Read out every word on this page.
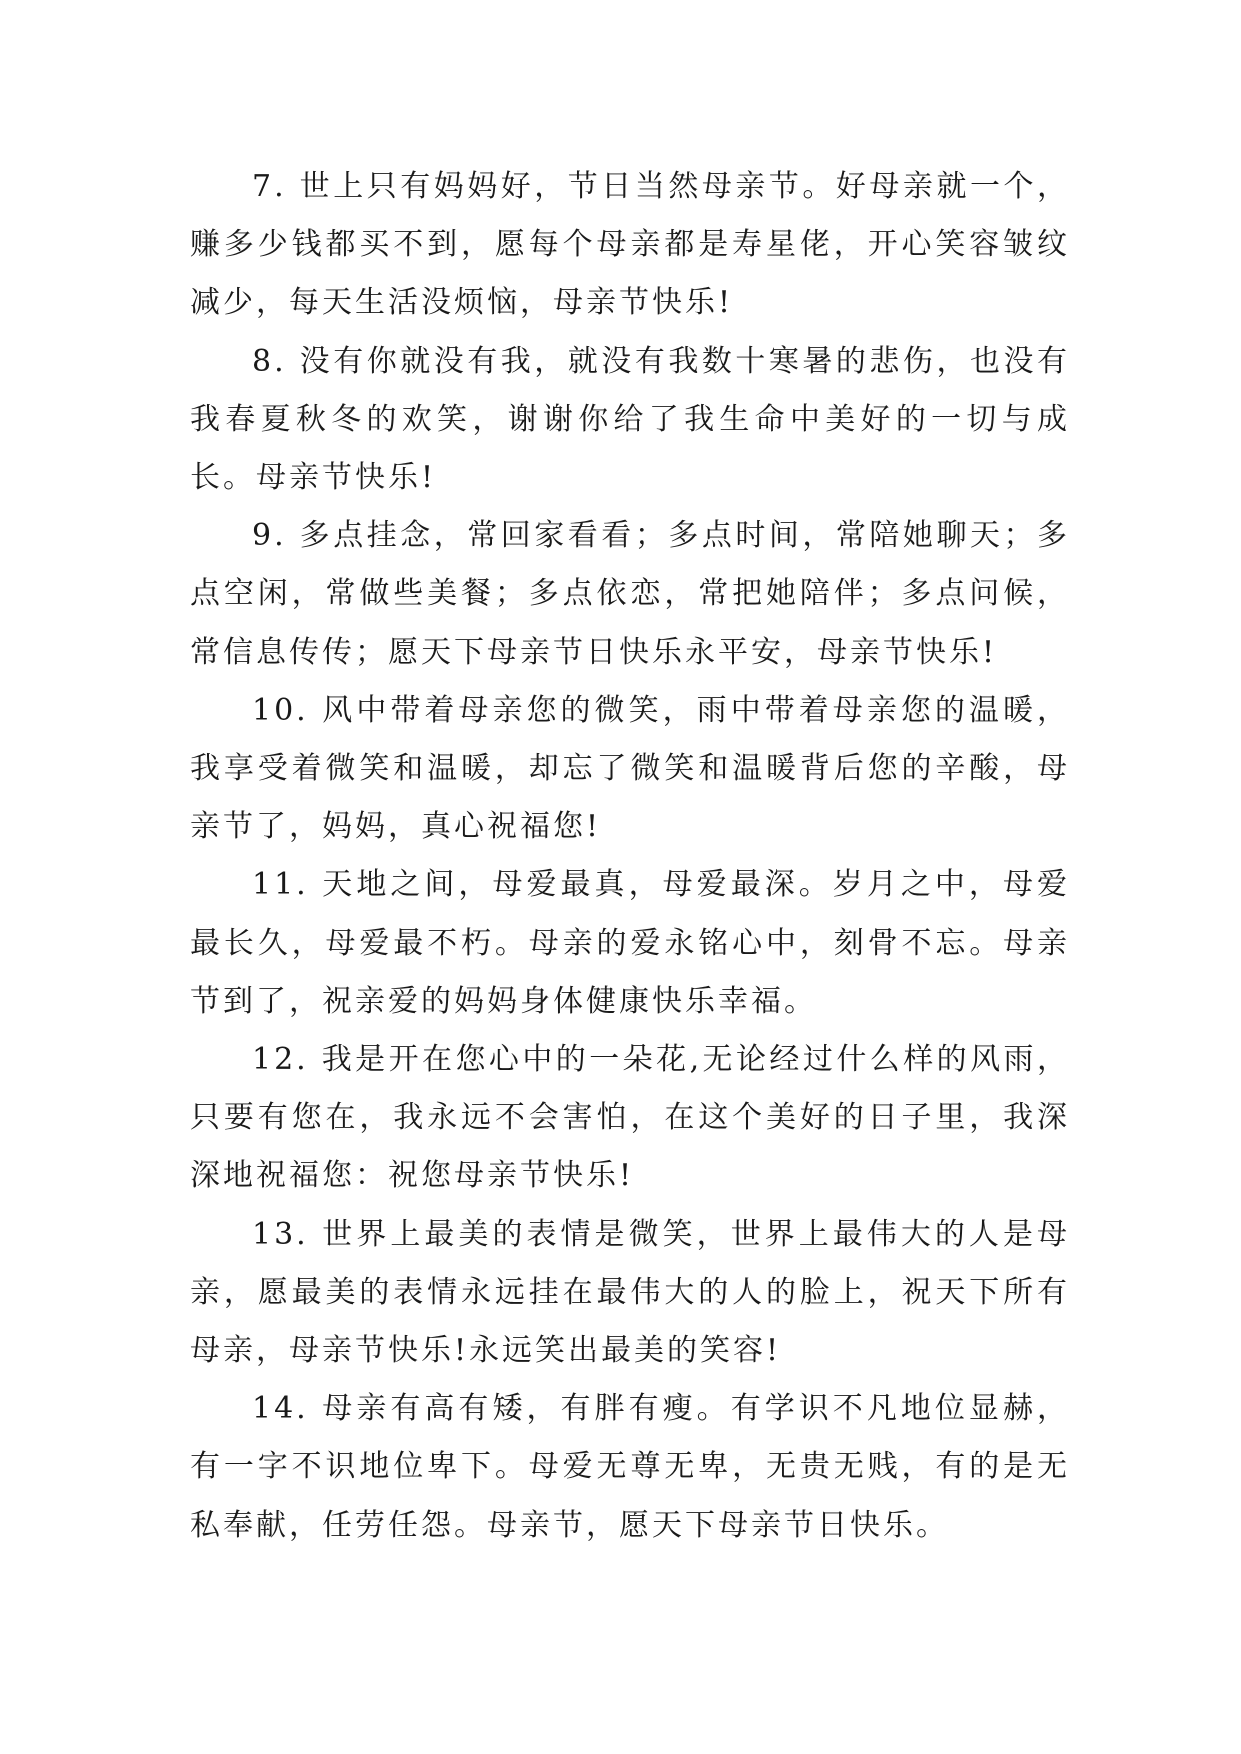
7. 世上只有妈妈好，节日当然母亲节。好母亲就一个，赚多少钱都买不到，愿每个母亲都是寿星佬，开心笑容皱纹减少，每天生活没烦恼，母亲节快乐!

8. 没有你就没有我，就没有我数十寒暑的悲伤，也没有我春夏秋冬的欢笑，谢谢你给了我生命中美好的一切与成长。母亲节快乐!

9. 多点挂念，常回家看看；多点时间，常陪她聊天；多点空闲，常做些美餐；多点依恋，常把她陪伴；多点问候，常信息传传；愿天下母亲节日快乐永平安，母亲节快乐!

10. 风中带着母亲您的微笑，雨中带着母亲您的温暖，我享受着微笑和温暖，却忘了微笑和温暖背后您的辛酸，母亲节了，妈妈，真心祝福您!

11. 天地之间，母爱最真，母爱最深。岁月之中，母爱最长久，母爱最不朽。母亲的爱永铭心中，刻骨不忘。母亲节到了，祝亲爱的妈妈身体健康快乐幸福。

12. 我是开在您心中的一朵花,无论经过什么样的风雨，只要有您在，我永远不会害怕，在这个美好的日子里，我深深地祝福您：祝您母亲节快乐!

13. 世界上最美的表情是微笑，世界上最伟大的人是母亲，愿最美的表情永远挂在最伟大的人的脸上，祝天下所有母亲，母亲节快乐!永远笑出最美的笑容!

14. 母亲有高有矮，有胖有瘦。有学识不凡地位显赫，有一字不识地位卑下。母爱无尊无卑，无贵无贱，有的是无私奉献，任劳任怨。母亲节，愿天下母亲节日快乐。
